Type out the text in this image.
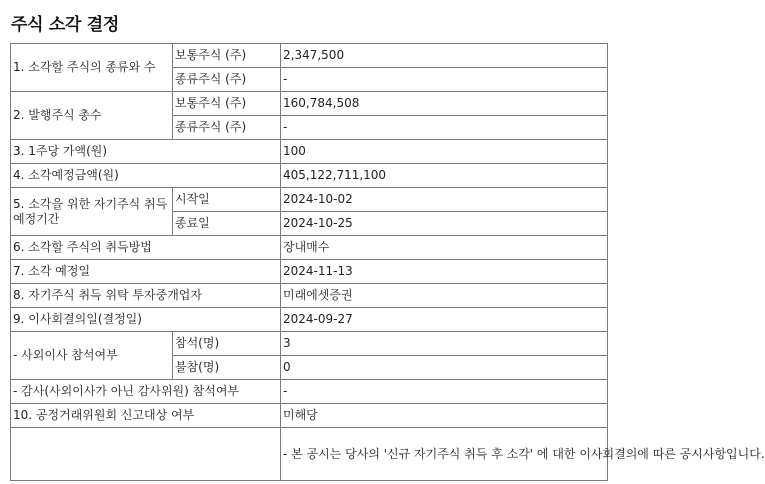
주식 소각 결정
1. 소각할 주식의 종류와 수	보통주식 (주)	2,347,500
	종류주식 (주)	-
2. 발행주식 총수	보통주식 (주)	160,784,508
	종류주식 (주)	-
3. 1주당 가액(원)		100
4. 소각예정금액(원)		405,122,711,100
5. 소각을 위한 자기주식 취득 예정기간	시작일	2024-10-02
	종료일	2024-10-25
6. 소각할 주식의 취득방법		장내매수
7. 소각 예정일		2024-11-13
8. 자기주식 취득 위탁 투자중개업자		미래에셋증권
9. 이사회결의일(결정일)		2024-09-27
- 사외이사 참석여부	참석(명)	3
	불참(명)	0
- 감사(사외이사가 아닌 감사위원) 참석여부		-
10. 공정거래위원회 신고대상 여부		미해당
		- 본 공시는 당사의 '신규 자기주식 취득 후 소각' 에 대한 이사회결의에 따른 공시사항입니다.
